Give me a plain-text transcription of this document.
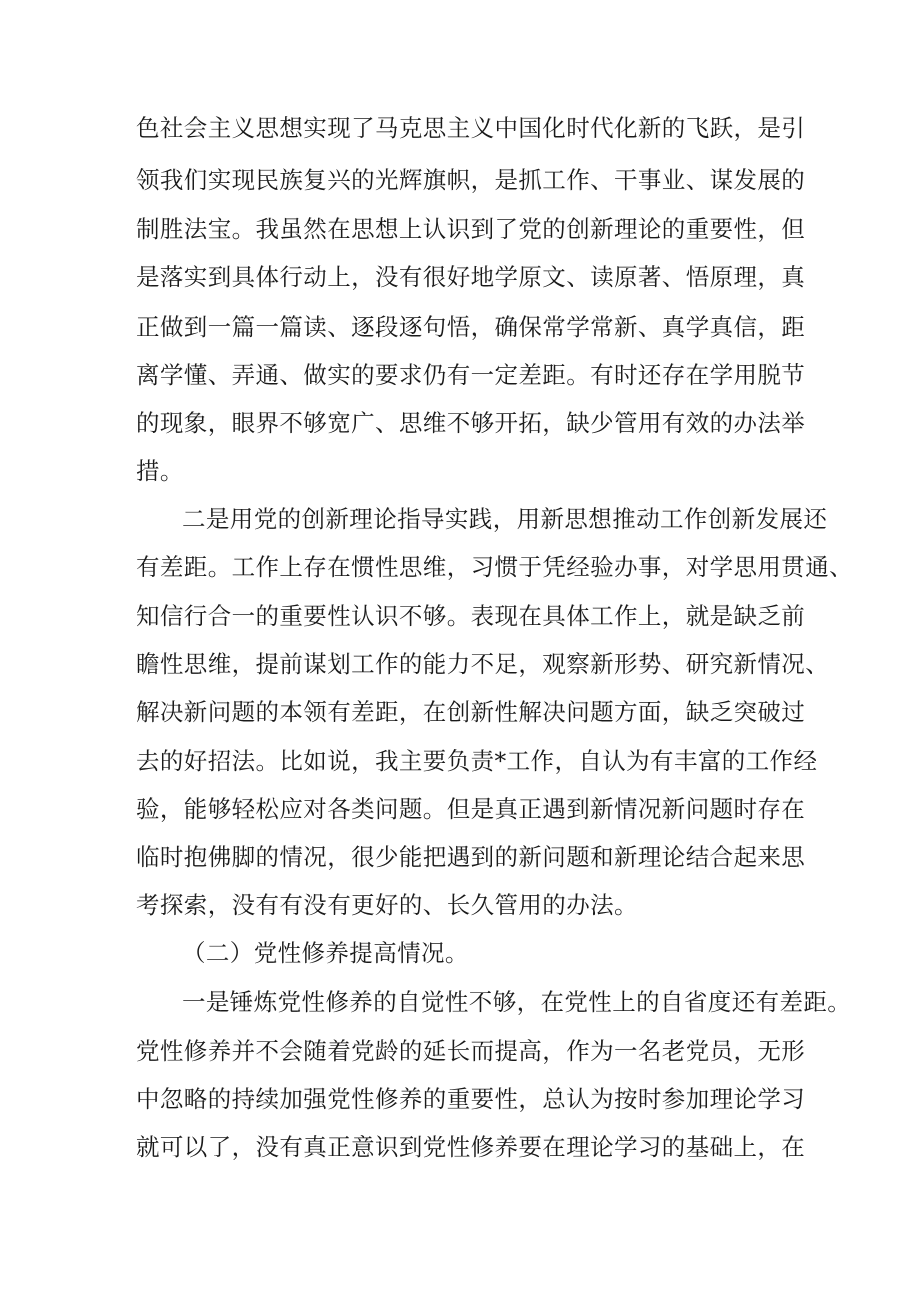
色社会主义思想实现了马克思主义中国化时代化新的飞跃，是引
领我们实现民族复兴的光辉旗帜，是抓工作、干事业、谋发展的
制胜法宝。我虽然在思想上认识到了党的创新理论的重要性，但
是落实到具体行动上，没有很好地学原文、读原著、悟原理，真
正做到一篇一篇读、逐段逐句悟，确保常学常新、真学真信，距
离学懂、弄通、做实的要求仍有一定差距。有时还存在学用脱节
的现象，眼界不够宽广、思维不够开拓，缺少管用有效的办法举
措。
二是用党的创新理论指导实践，用新思想推动工作创新发展还
有差距。工作上存在惯性思维，习惯于凭经验办事，对学思用贯通、
知信行合一的重要性认识不够。表现在具体工作上，就是缺乏前
瞻性思维，提前谋划工作的能力不足，观察新形势、研究新情况、
解决新问题的本领有差距，在创新性解决问题方面，缺乏突破过
去的好招法。比如说，我主要负责*工作，自认为有丰富的工作经
验，能够轻松应对各类问题。但是真正遇到新情况新问题时存在
临时抱佛脚的情况，很少能把遇到的新问题和新理论结合起来思
考探索，没有有没有更好的、长久管用的办法。
（二）党性修养提高情况。
一是锤炼党性修养的自觉性不够，在党性上的自省度还有差距。
党性修养并不会随着党龄的延长而提高，作为一名老党员，无形
中忽略的持续加强党性修养的重要性，总认为按时参加理论学习
就可以了，没有真正意识到党性修养要在理论学习的基础上，在
